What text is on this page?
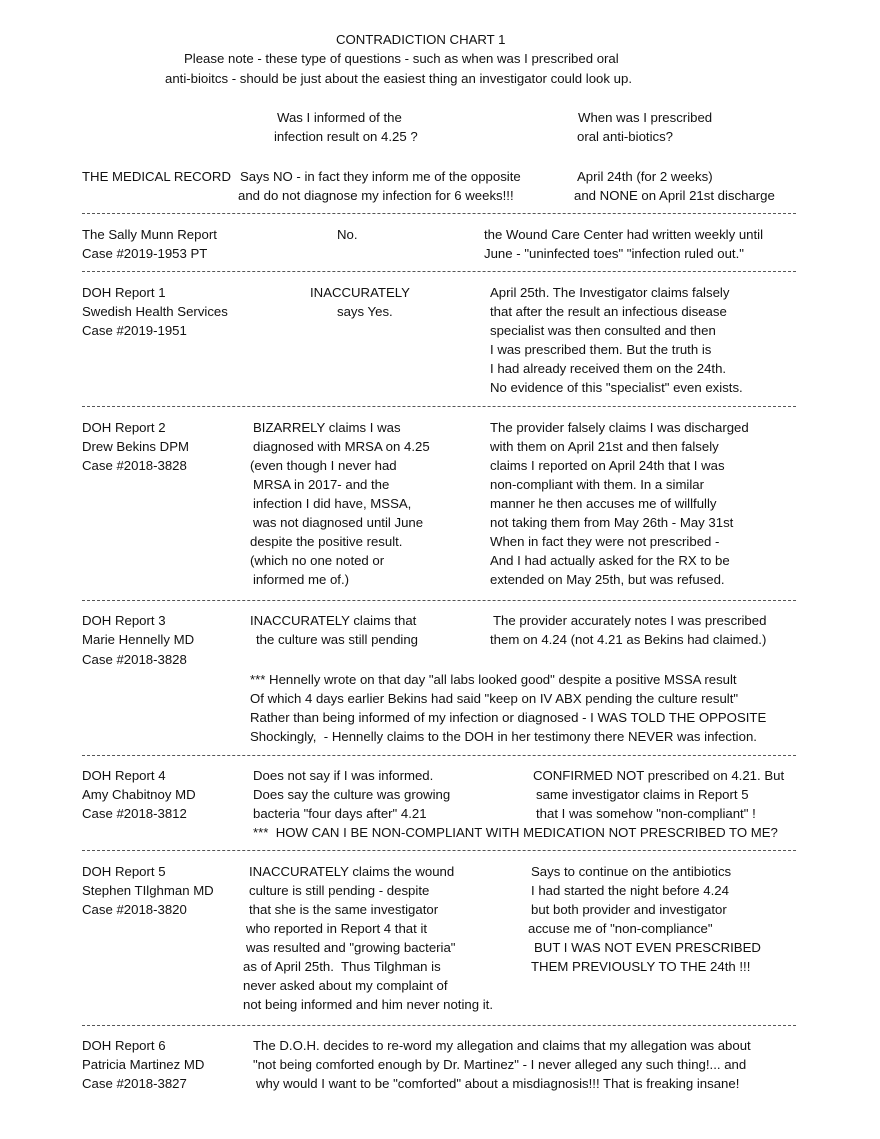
CONTRADICTION CHART 1
Please note - these type of questions - such as when was I prescribed oral
anti-bioitcs - should be just about the easiest thing an investigator could look up.
Was I informed of the
infection result on 4.25 ?
When was I prescribed
oral anti-biotics?
THE MEDICAL RECORD Says NO - in fact they inform me of the opposite
and do not diagnose my infection for 6 weeks!!!
April 24th (for 2 weeks)
and NONE on April 21st discharge
The Sally Munn Report
Case #2019-1953 PT
No.	the Wound Care Center had written weekly until
June - "uninfected toes" "infection ruled out."
DOH Report 1
Swedish Health Services
Case #2019-1951
INACCURATELY
says Yes.
April 25th. The Investigator claims falsely
that after the result an infectious disease
specialist was then consulted and then
I was prescribed them. But the truth is
I had already received them on the 24th.
No evidence of this "specialist" even exists.
DOH Report 2
Drew Bekins DPM
Case #2018-3828
BIZARRELY claims I was
diagnosed with MRSA on 4.25
(even though I never had
MRSA in 2017- and the
infection I did have, MSSA,
was not diagnosed until June
despite the positive result.
(which no one noted or
informed me of.)
The provider falsely claims I was discharged
with them on April 21st and then falsely
claims I reported on April 24th that I was
non-compliant with them. In a similar
manner he then accuses me of willfully
not taking them from May 26th - May 31st
When in fact they were not prescribed -
And I had actually asked for the RX to be
extended on May 25th, but was refused.
DOH Report 3
Marie Hennelly MD
Case #2018-3828
INACCURATELY claims that
the culture was still pending
The provider accurately notes I was prescribed
them on 4.24 (not 4.21 as Bekins had claimed.)
*** Hennelly wrote on that day "all labs looked good" despite a positive MSSA result
Of which 4 days earlier Bekins had said "keep on IV ABX pending the culture result"
Rather than being informed of my infection or diagnosed - I WAS TOLD THE OPPOSITE
Shockingly,  - Hennelly claims to the DOH in her testimony there NEVER was infection.
DOH Report 4
Amy Chabitnoy MD
Case #2018-3812
Does not say if I was informed.
Does say the culture was growing
bacteria "four days after" 4.21
CONFIRMED NOT prescribed on 4.21. But
same investigator claims in Report 5
that I was somehow "non-compliant" !
***  HOW CAN I BE NON-COMPLIANT WITH MEDICATION NOT PRESCRIBED TO ME?
DOH Report 5
Stephen TIlghman MD
Case #2018-3820
INACCURATELY claims the wound
culture is still pending - despite
that she is the same investigator
who reported in Report 4 that it
was resulted and "growing bacteria"
as of April 25th.  Thus Tilghman is
never asked about my complaint of
not being informed and him never noting it.
Says to continue on the antibiotics
I had started the night before 4.24
but both provider and investigator
accuse me of "non-compliance"
BUT I WAS NOT EVEN PRESCRIBED
THEM PREVIOUSLY TO THE 24th !!!
DOH Report 6
Patricia Martinez MD
Case #2018-3827
The D.O.H. decides to re-word my allegation and claims that my allegation was about
"not being comforted enough by Dr. Martinez" - I never alleged any such thing!... and
why would I want to be "comforted" about a misdiagnosis!!! That is freaking insane!
